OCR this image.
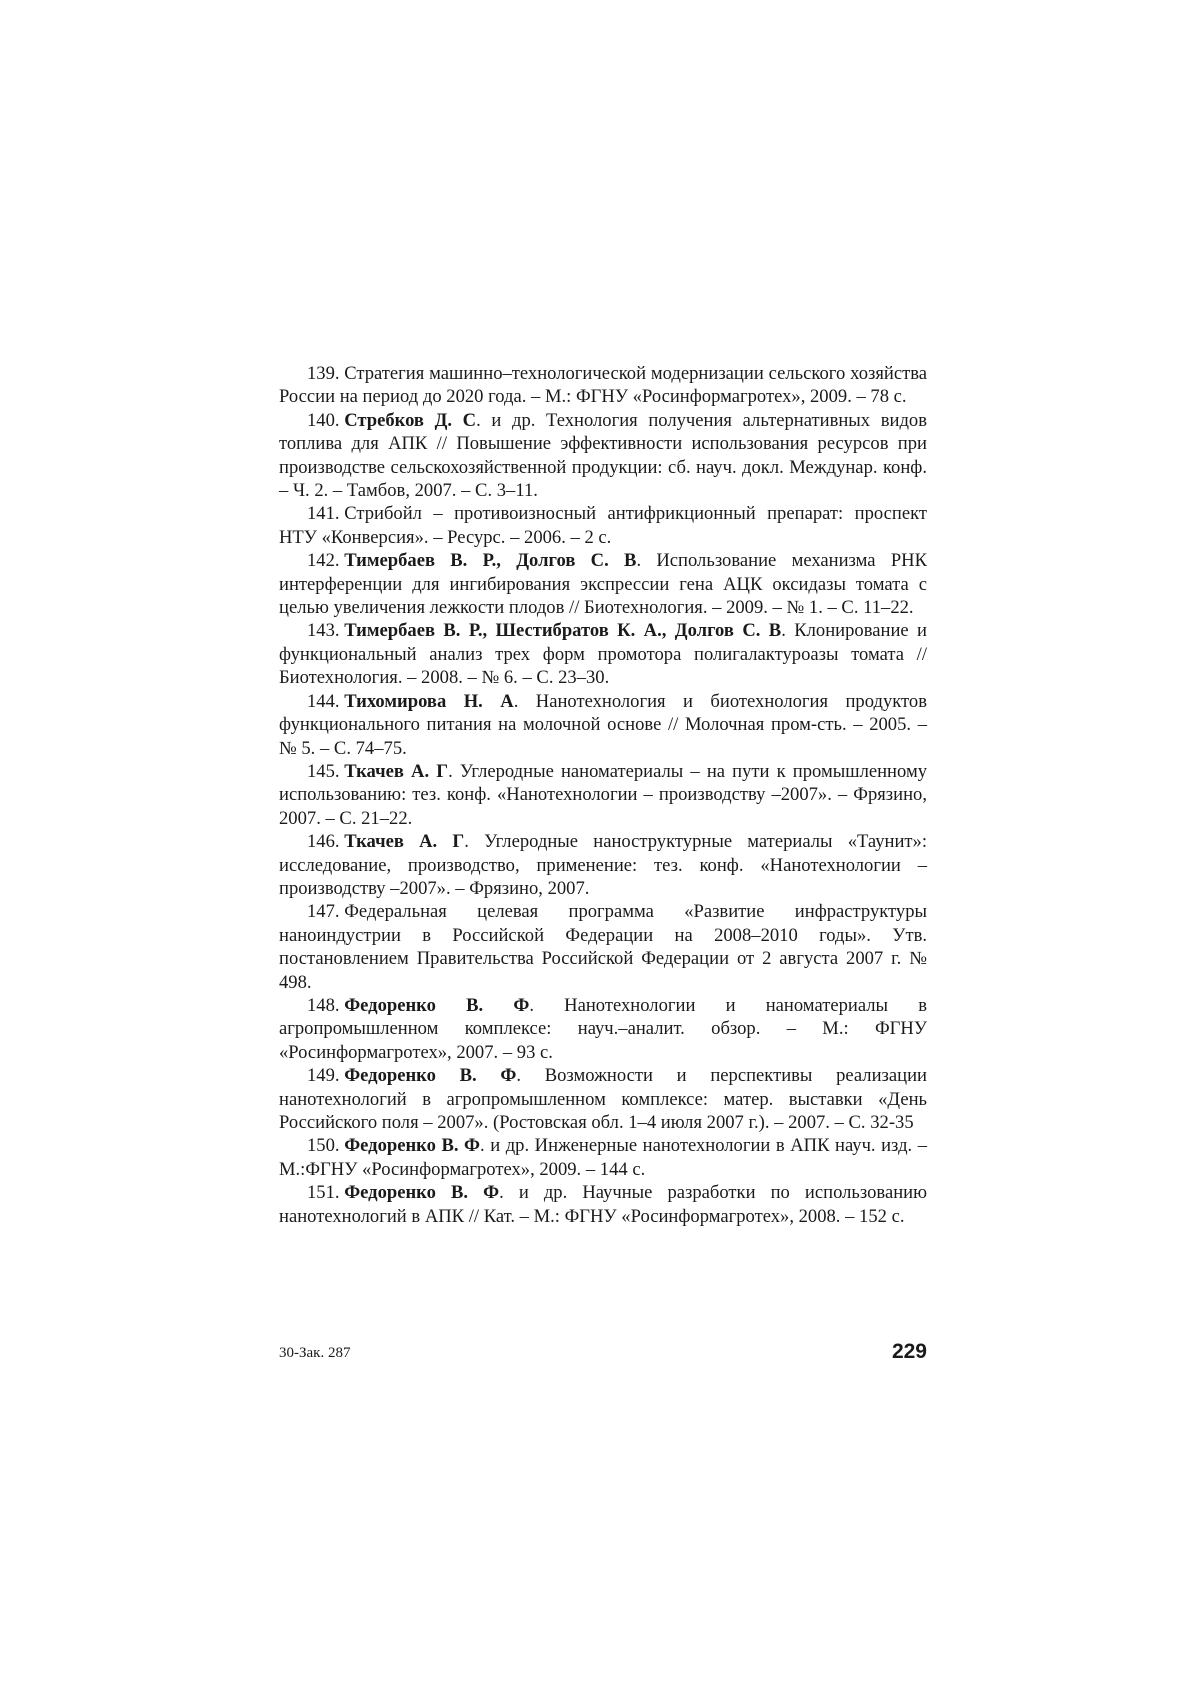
139. Стратегия машинно–технологической модернизации сельского хозяйства России на период до 2020 года. – М.: ФГНУ «Росинформагротех», 2009. – 78 с.

140. Стребков Д. С. и др. Технология получения альтернативных видов топлива для АПК // Повышение эффективности использования ресурсов при производстве сельскохозяйственной продукции: сб. науч. докл. Междунар. конф. – Ч. 2. – Тамбов, 2007. – С. 3–11.

141. Стрибойл – противоизносный антифрикционный препарат: проспект НТУ «Конверсия». – Ресурс. – 2006. – 2 с.

142. Тимербаев В. Р., Долгов С. В. Использование механизма РНК интерференции для ингибирования экспрессии гена АЦК оксидазы томата с целью увеличения лежкости плодов // Биотехнология. – 2009. – № 1. – С. 11–22.

143. Тимербаев В. Р., Шестибратов К. А., Долгов С. В. Клонирование и функциональный анализ трех форм промотора полигалактуроазы томата // Биотехнология. – 2008. – № 6. – С. 23–30.

144. Тихомирова Н. А. Нанотехнология и биотехнология продуктов функционального питания на молочной основе // Молочная пром-сть. – 2005. – № 5. – С. 74–75.

145. Ткачев А. Г. Углеродные наноматериалы – на пути к промышленному использованию: тез. конф. «Нанотехнологии – производству –2007». – Фрязино, 2007. – С. 21–22.

146. Ткачев А. Г. Углеродные наноструктурные материалы «Таунит»: исследование, производство, применение: тез. конф. «Нанотехнологии – производству –2007». – Фрязино, 2007.

147. Федеральная целевая программа «Развитие инфраструктуры наноиндустрии в Российской Федерации на 2008–2010 годы». Утв. постановлением Правительства Российской Федерации от 2 августа 2007 г. № 498.

148. Федоренко В. Ф. Нанотехнологии и наноматериалы в агропромышленном комплексе: науч.–аналит. обзор. – М.: ФГНУ «Росинформагротех», 2007. – 93 с.

149. Федоренко В. Ф. Возможности и перспективы реализации нанотехнологий в агропромышленном комплексе: матер. выставки «День Российского поля – 2007». (Ростовская обл. 1–4 июля 2007 г.). – 2007. – С. 32-35

150. Федоренко В. Ф. и др. Инженерные нанотехнологии в АПК науч. изд. – М.:ФГНУ «Росинформагротех», 2009. – 144 с.

151. Федоренко В. Ф. и др. Научные разработки по использованию нанотехнологий в АПК // Кат. – М.: ФГНУ «Росинформагротех», 2008. – 152 с.

30-Зак. 287	229
